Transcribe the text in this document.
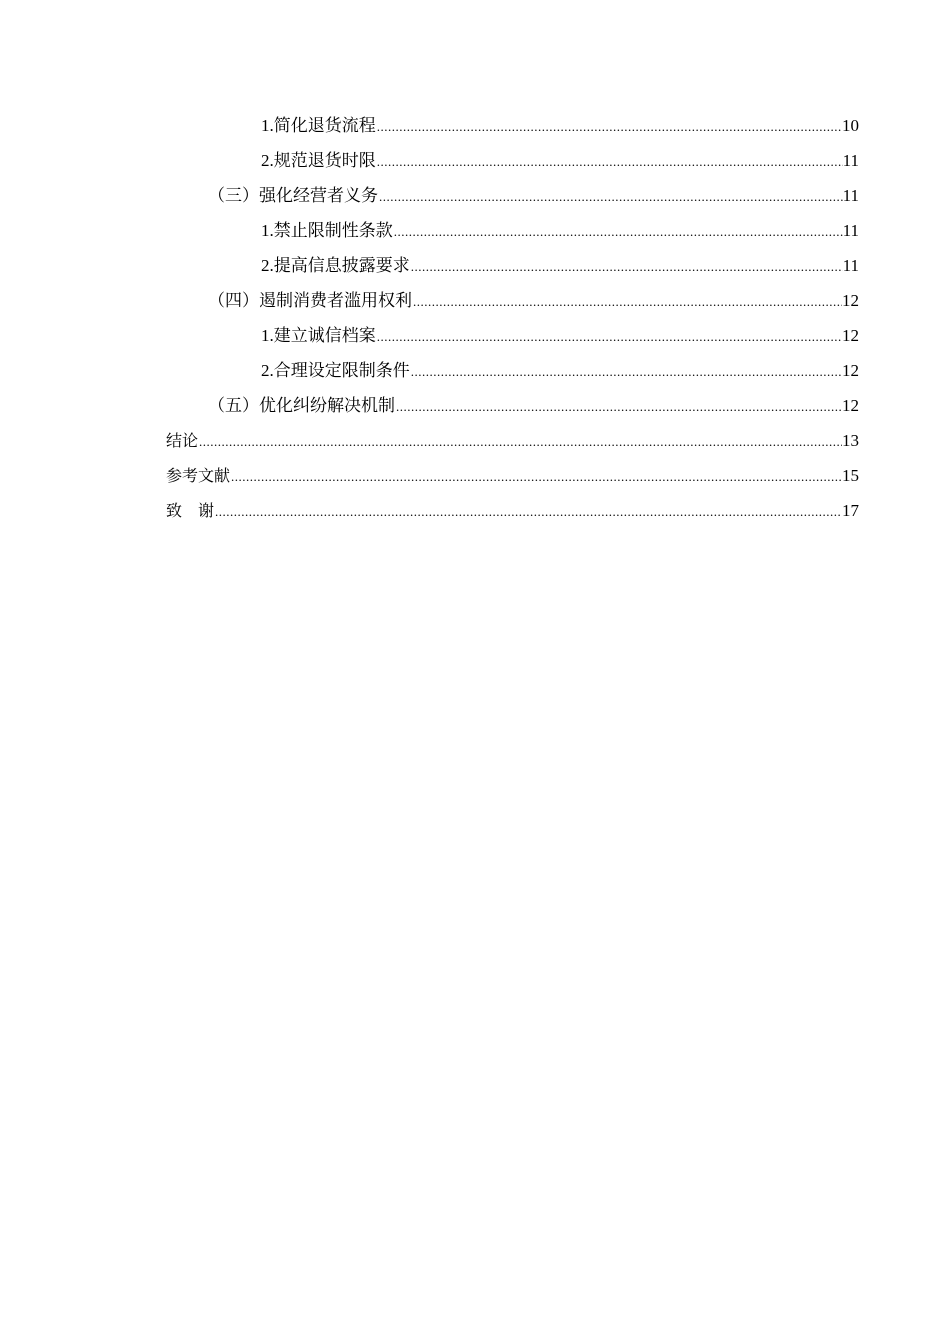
1.简化退货流程 .....	10
2.规范退货时限 .....	11
（三）强化经营者义务 .....	11
1.禁止限制性条款 .....	11
2.提高信息披露要求 .....	11
（四）遏制消费者滥用权利 .....	12
1.建立诚信档案 .....	12
2.合理设定限制条件 .....	12
（五）优化纠纷解决机制 .....	12
结论 .....	13
参考文献 .....	15
致　谢 .....	17
